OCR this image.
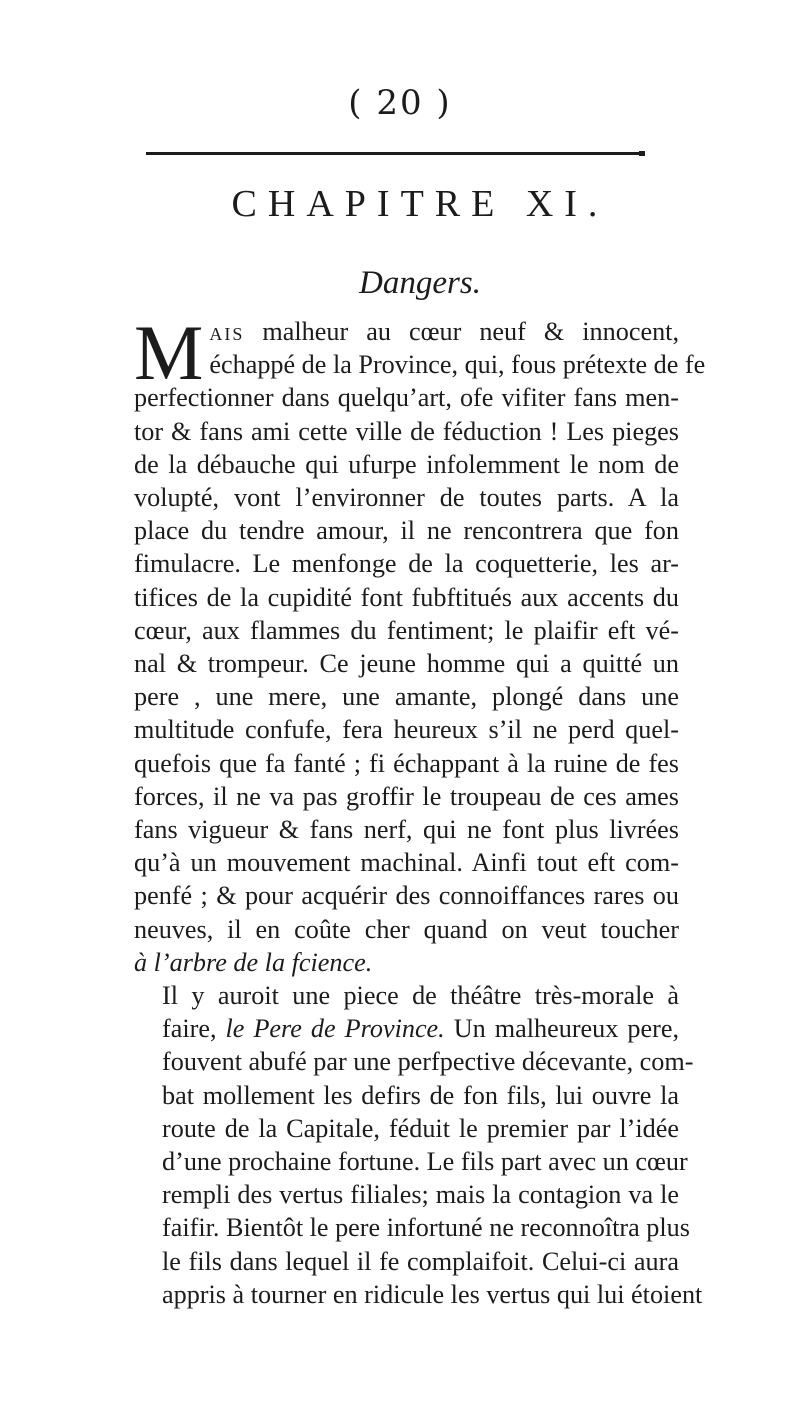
( 20 )
CHAPITRE XI.
Dangers.

M ais malheur au cœur neuf & innocent,
échappé de la Province, qui, fous prétexte de fe
perfectionner dans quelqu’art, ofe vifiter fans men-
tor & fans ami cette ville de féduction ! Les pieges
de la débauche qui ufurpe infolemment le nom de
volupté, vont l’environner de toutes parts. A la
place du tendre amour, il ne rencontrera que fon
fimulacre. Le menfonge de la coquetterie, les ar-
tifices de la cupidité font fubftitués aux accents du
cœur, aux flammes du fentiment; le plaifir eft vé-
nal & trompeur. Ce jeune homme qui a quitté un
pere , une mere, une amante, plongé dans une
multitude confufe, fera heureux s’il ne perd quel-
quefois que fa fanté ; fi échappant à la ruine de fes
forces, il ne va pas groffir le troupeau de ces ames
fans vigueur & fans nerf, qui ne font plus livrées
qu’à un mouvement machinal. Ainfi tout eft com-
penfé ; & pour acquérir des connoiffances rares ou
neuves, il en coûte cher quand on veut toucher
à l’arbre de la fcience.

Il y auroit une piece de théâtre très-morale à
faire, le Pere de Province. Un malheureux pere,
fouvent abufé par une perfpective décevante, com-
bat mollement les defirs de fon fils, lui ouvre la
route de la Capitale, féduit le premier par l’idée
d’une prochaine fortune. Le fils part avec un cœur
rempli des vertus filiales; mais la contagion va le
faifir. Bientôt le pere infortuné ne reconnoîtra plus
le fils dans lequel il fe complaifoit. Celui-ci aura
appris à tourner en ridicule les vertus qui lui étoient
